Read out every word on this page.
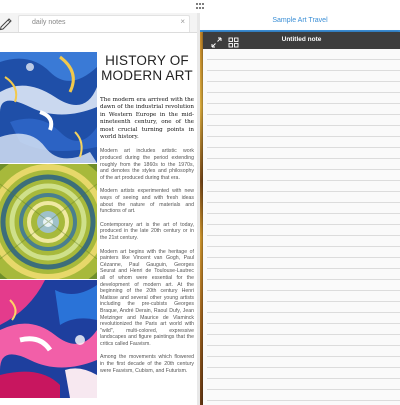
daily notes	×
HISTORY OF
MODERN ART

The modern era arrived with the dawn of the industrial revolution in Western Europe in the mid-nineteenth century, one of the most crucial turning points in world history.

Modern art includes artistic work produced during the period extending roughly from the 1860s to the 1970s, and denotes the styles and philosophy of the art produced during that era.

Modern artists experimented with new ways of seeing and with fresh ideas about the nature of materials and functions of art.

Contemporary art is the art of today, produced in the late 20th century or in the 21st century.

Modern art begins with the heritage of painters like Vincent van Gogh, Paul Cézanne, Paul Gauguin, Georges Seurat and Henri de Toulouse-Lautrec all of whom were essential for the development of modern art. At the beginning of the 20th century Henri Matisse and several other young artists including the pre-cubists Georges Braque, André Derain, Raoul Dufy, Jean Metzinger and Maurice de Vlaminck revolutionized the Paris art world with "wild", multi-colored, expressive landscapes and figure paintings that the critics called Fauvism.

Among the movements which flowered in the first decade of the 20th century were Fauvism, Cubism, and Futurism.

Sample Art Travel
Untitled note
